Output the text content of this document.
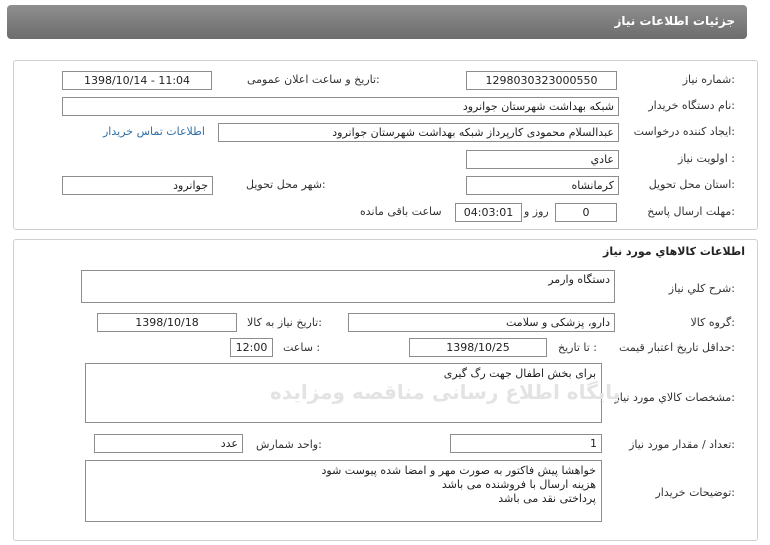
جزئیات اطلاعات نیاز
شماره نیاز:
1298030323000550
تاریخ و ساعت اعلان عمومی:
1398/10/14 - 11:04
نام دستگاه خریدار:
شبکه بهداشت شهرستان جوانرود
ایجاد کننده درخواست:
عبدالسلام محمودی کارپرداز شبکه بهداشت شهرستان جوانرود
اطلاعات تماس خریدار
اولویت نیاز :
عادي
استان محل تحویل:
کرمانشاه
شهر محل تحویل:
جوانرود
مهلت ارسال پاسخ:
0
روز و
04:03:01
ساعت باقی مانده
اطلاعات کالاهاي مورد نياز
شرح کلي نياز:
دستگاه وارمر
گروه کالا:
دارو، پزشکی و سلامت
تاریخ نیاز به کالا:
1398/10/18
حداقل تاریخ اعتبار قیمت:
تا تاریخ :
1398/10/25
ساعت :
12:00
مشخصات کالاي مورد نياز:
برای بخش اطفال جهت رگ گیری
تعداد / مقدار مورد نیاز:
1
واحد شمارش:
عدد
توضیحات خریدار:
خواهشا پیش فاکتور به صورت مهر و امضا شده پیوست شود
هزینه ارسال با فروشنده می باشد
پرداختی نقد می باشد
پایگاه اطلاع رسانی مناقصه ومزایده
